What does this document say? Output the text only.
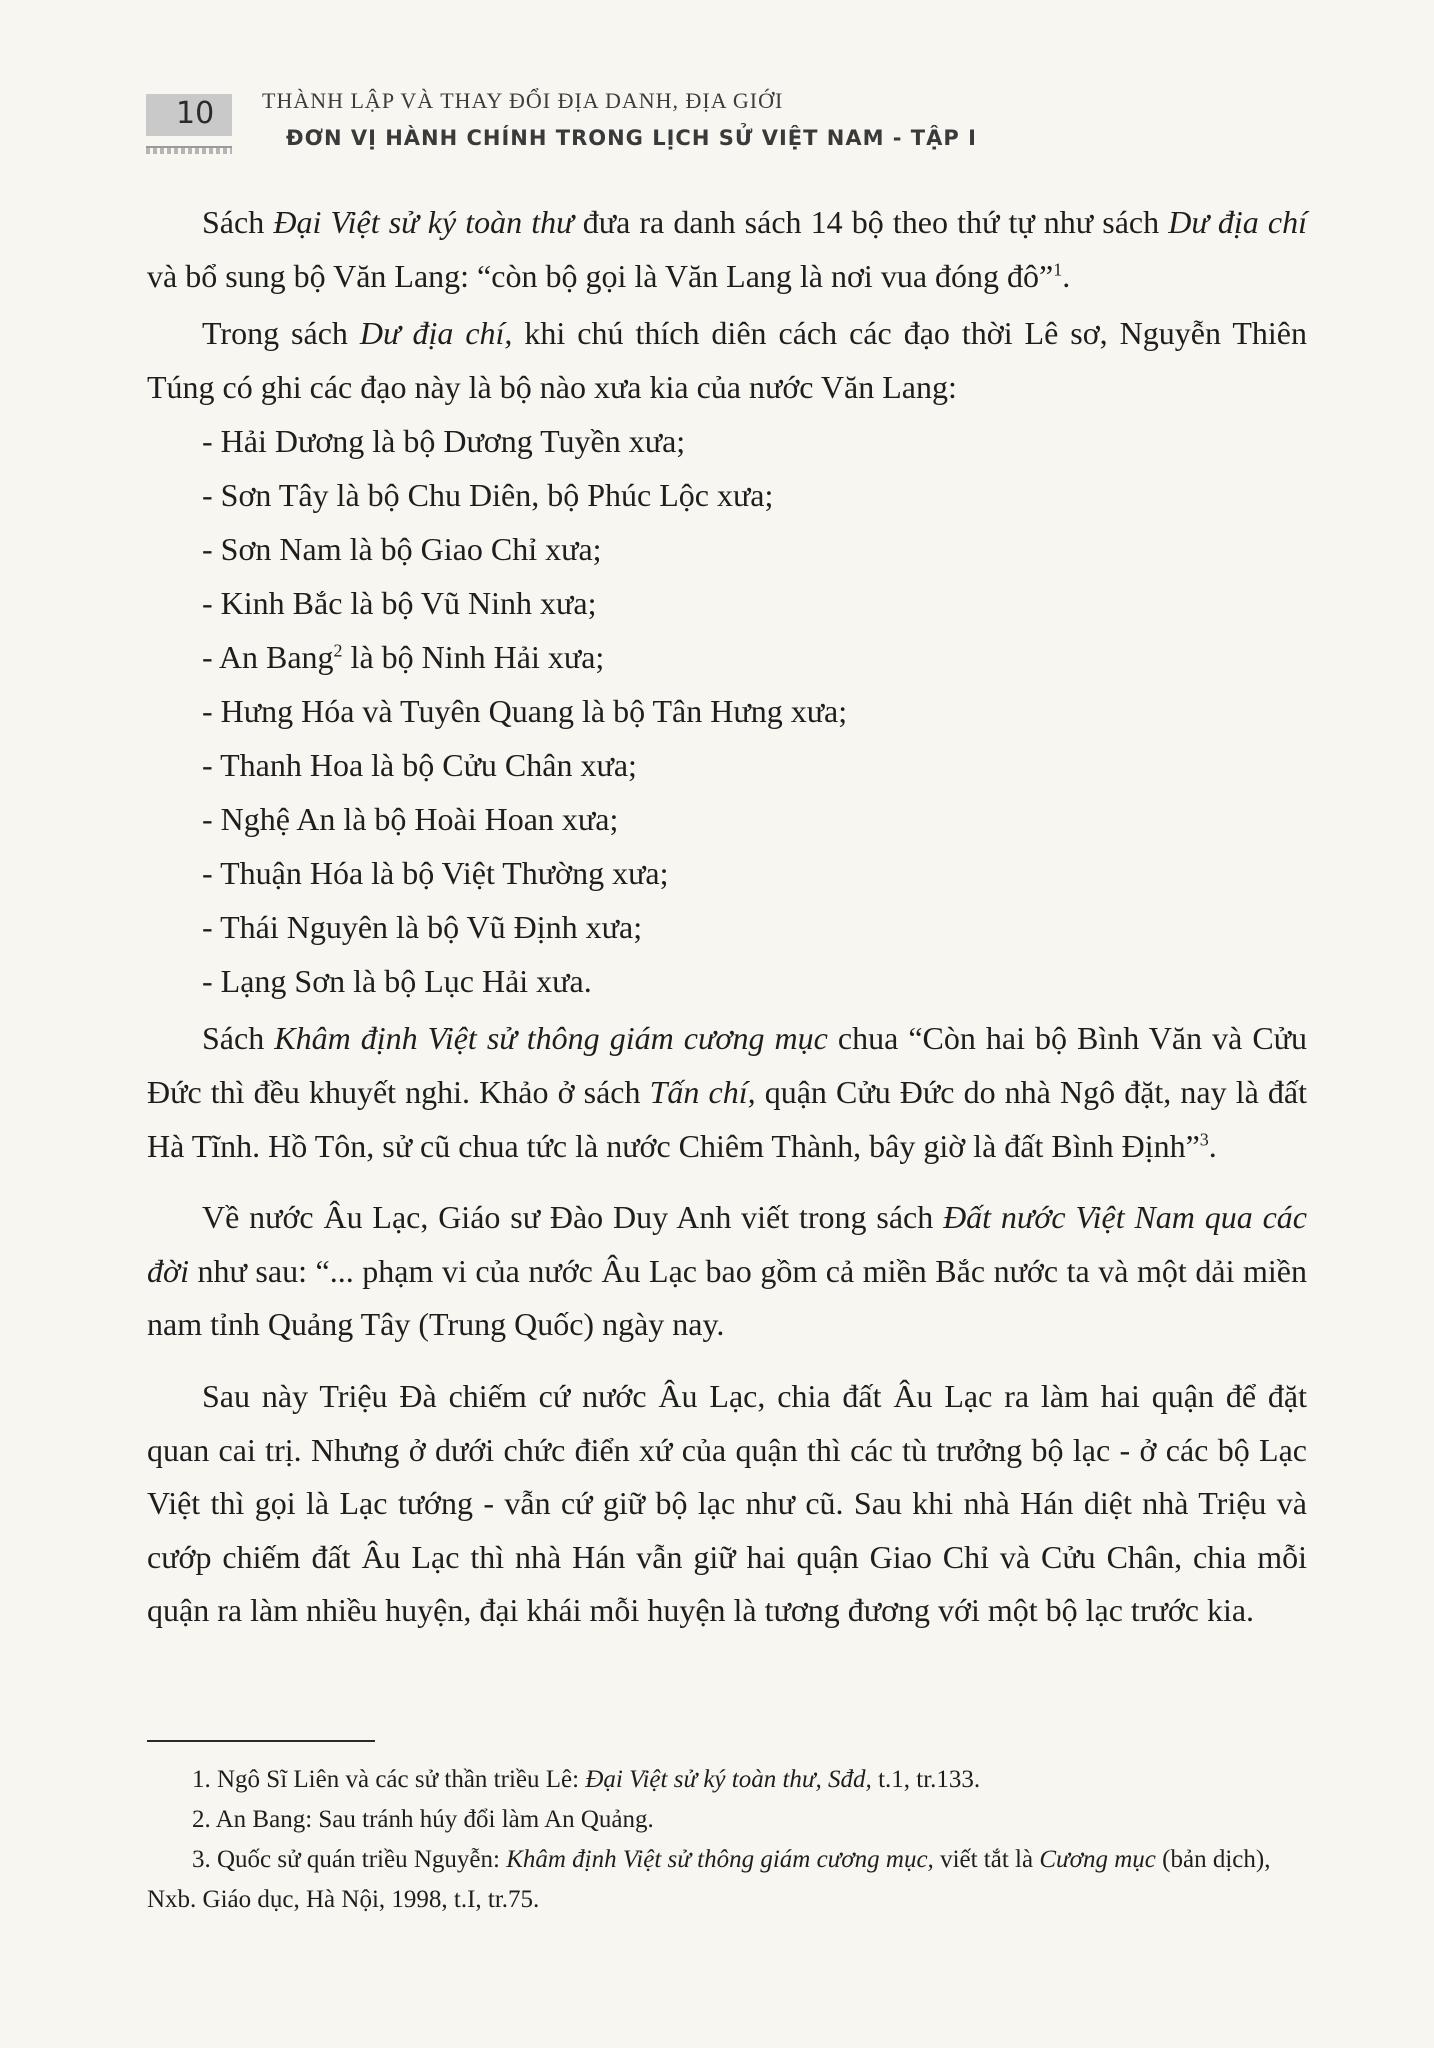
10 THÀNH LẬP VÀ THAY ĐỔI ĐỊA DANH, ĐỊA GIỚI
ĐƠN VỊ HÀNH CHÍNH TRONG LỊCH SỬ VIỆT NAM - TẬP I

Sách Đại Việt sử ký toàn thư đưa ra danh sách 14 bộ theo thứ tự như sách Dư địa chí và bổ sung bộ Văn Lang: “còn bộ gọi là Văn Lang là nơi vua đóng đô”$^1$.

Trong sách Dư địa chí, khi chú thích diên cách các đạo thời Lê sơ, Nguyễn Thiên Túng có ghi các đạo này là bộ nào xưa kia của nước Văn Lang:

- Hải Dương là bộ Dương Tuyền xưa;
- Sơn Tây là bộ Chu Diên, bộ Phúc Lộc xưa;
- Sơn Nam là bộ Giao Chỉ xưa;
- Kinh Bắc là bộ Vũ Ninh xưa;
- An Bang$^2$ là bộ Ninh Hải xưa;
- Hưng Hóa và Tuyên Quang là bộ Tân Hưng xưa;
- Thanh Hoa là bộ Cửu Chân xưa;
- Nghệ An là bộ Hoài Hoan xưa;
- Thuận Hóa là bộ Việt Thường xưa;
- Thái Nguyên là bộ Vũ Định xưa;
- Lạng Sơn là bộ Lục Hải xưa.

Sách Khâm định Việt sử thông giám cương mục chua “Còn hai bộ Bình Văn và Cửu Đức thì đều khuyết nghi. Khảo ở sách Tấn chí, quận Cửu Đức do nhà Ngô đặt, nay là đất Hà Tĩnh. Hồ Tôn, sử cũ chua tức là nước Chiêm Thành, bây giờ là đất Bình Định”$^3$.

Về nước Âu Lạc, Giáo sư Đào Duy Anh viết trong sách Đất nước Việt Nam qua các đời như sau: “... phạm vi của nước Âu Lạc bao gồm cả miền Bắc nước ta và một dải miền nam tỉnh Quảng Tây (Trung Quốc) ngày nay.

Sau này Triệu Đà chiếm cứ nước Âu Lạc, chia đất Âu Lạc ra làm hai quận để đặt quan cai trị. Nhưng ở dưới chức điển xứ của quận thì các tù trưởng bộ lạc - ở các bộ Lạc Việt thì gọi là Lạc tướng - vẫn cứ giữ bộ lạc như cũ. Sau khi nhà Hán diệt nhà Triệu và cướp chiếm đất Âu Lạc thì nhà Hán vẫn giữ hai quận Giao Chỉ và Cửu Chân, chia mỗi quận ra làm nhiều huyện, đại khái mỗi huyện là tương đương với một bộ lạc trước kia.

1. Ngô Sĩ Liên và các sử thần triều Lê: Đại Việt sử ký toàn thư, Sđd, t.1, tr.133.

2. An Bang: Sau tránh húy đổi làm An Quảng.

3. Quốc sử quán triều Nguyễn: Khâm định Việt sử thông giám cương mục, viết tắt là Cương mục (bản dịch), Nxb. Giáo dục, Hà Nội, 1998, t.I, tr.75.
